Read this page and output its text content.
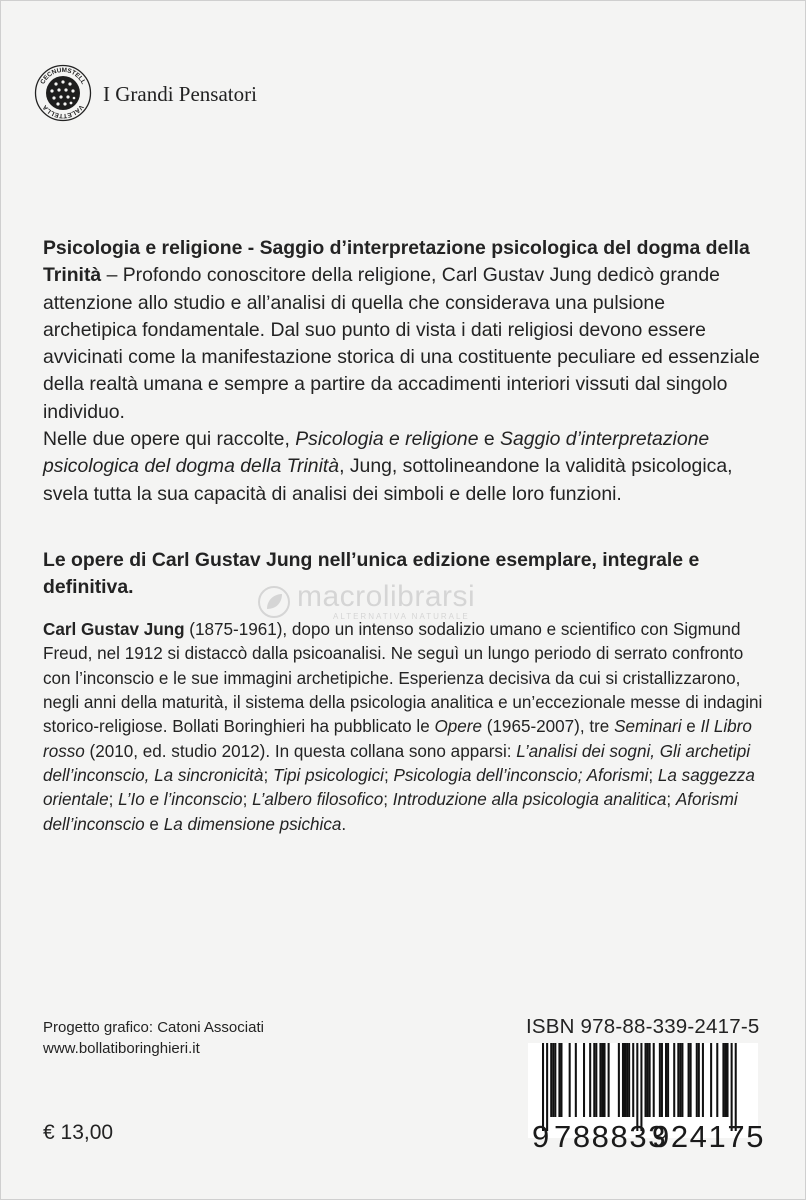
CECNUMSTELL
VALETTELLA
I Grandi Pensatori

Psicologia e religione - Saggio d’interpretazione psicologica del dogma della Trinità – Profondo conoscitore della religione, Carl Gustav Jung dedicò grande attenzione allo studio e all’analisi di quella che considerava una pulsione archetipica fondamentale. Dal suo punto di vista i dati religiosi devono essere avvicinati come la manifestazione storica di una costituente peculiare ed essenziale della realtà umana e sempre a partire da accadimenti interiori vissuti dal singolo individuo.

Nelle due opere qui raccolte, Psicologia e religione e Saggio d’interpretazione psicologica del dogma della Trinità, Jung, sottolineandone la validità psicologica, svela tutta la sua capacità di analisi dei simboli e delle loro funzioni.

Le opere di Carl Gustav Jung nell’unica edizione esemplare, integrale e definitiva.	macrolibrarsi
ALTERNATIVA NATURALE

Carl Gustav Jung (1875-1961), dopo un intenso sodalizio umano e scientifico con Sigmund Freud, nel 1912 si distaccò dalla psicoanalisi. Ne seguì un lungo periodo di serrato confronto con l’inconscio e le sue immagini archetipiche. Esperienza decisiva da cui si cristallizzarono, negli anni della maturità, il sistema della psicologia analitica e un’eccezionale messe di indagini storico-religiose. Bollati Boringhieri ha pubblicato le Opere (1965-2007), tre Seminari e Il Libro rosso (2010, ed. studio 2012). In questa collana sono apparsi: L’analisi dei sogni, Gli archetipi dell’inconscio, La sincronicità; Tipi psicologici; Psicologia dell’inconscio; Aforismi; La saggezza orientale; L’Io e l’inconscio; L’albero filosofico; Introduzione alla psicologia analitica; Aforismi dell’inconscio e La dimensione psichica.

Progetto grafico: Catoni Associati
www.bollatiboringhieri.it
€ 13,00
ISBN 978-88-339-2417-5
9 788833
924175
